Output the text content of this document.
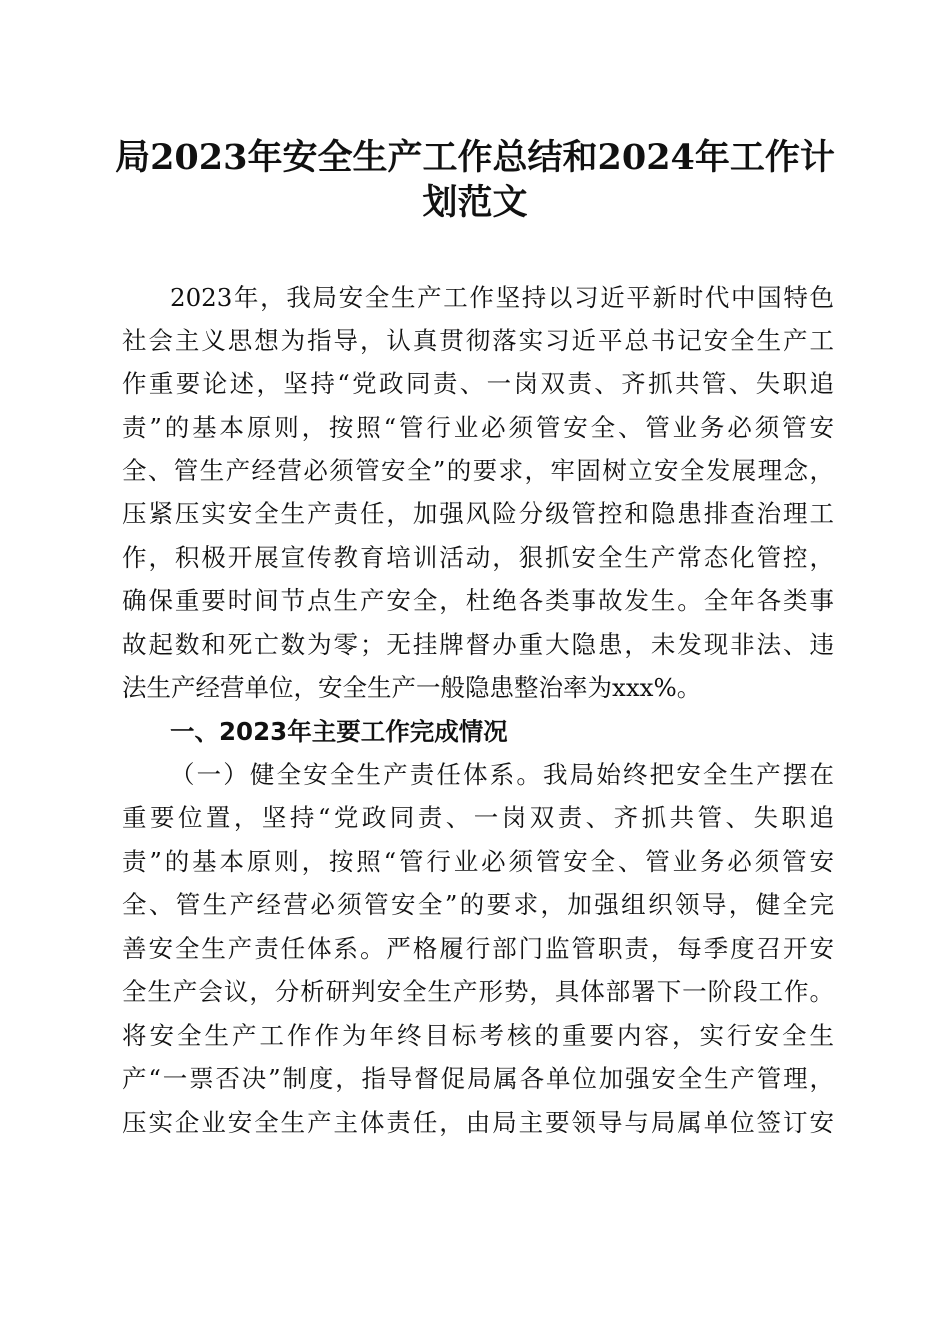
局2023年安全生产工作总结和2024年工作计
划范文

2023年，我局安全生产工作坚持以习近平新时代中国特色

社会主义思想为指导，认真贯彻落实习近平总书记安全生产工

作重要论述，坚持“党政同责、一岗双责、齐抓共管、失职追

责”的基本原则，按照“管行业必须管安全、管业务必须管安

全、管生产经营必须管安全”的要求，牢固树立安全发展理念，

压紧压实安全生产责任，加强风险分级管控和隐患排查治理工

作，积极开展宣传教育培训活动，狠抓安全生产常态化管控，

确保重要时间节点生产安全，杜绝各类事故发生。全年各类事

故起数和死亡数为零；无挂牌督办重大隐患，未发现非法、违

法生产经营单位，安全生产一般隐患整治率为xxx%。

一、2023年主要工作完成情况

（一）健全安全生产责任体系。我局始终把安全生产摆在

重要位置，坚持“党政同责、一岗双责、齐抓共管、失职追

责”的基本原则，按照“管行业必须管安全、管业务必须管安

全、管生产经营必须管安全”的要求，加强组织领导，健全完

善安全生产责任体系。严格履行部门监管职责，每季度召开安

全生产会议，分析研判安全生产形势，具体部署下一阶段工作。

将安全生产工作作为年终目标考核的重要内容，实行安全生

产“一票否决”制度，指导督促局属各单位加强安全生产管理，

压实企业安全生产主体责任，由局主要领导与局属单位签订安
